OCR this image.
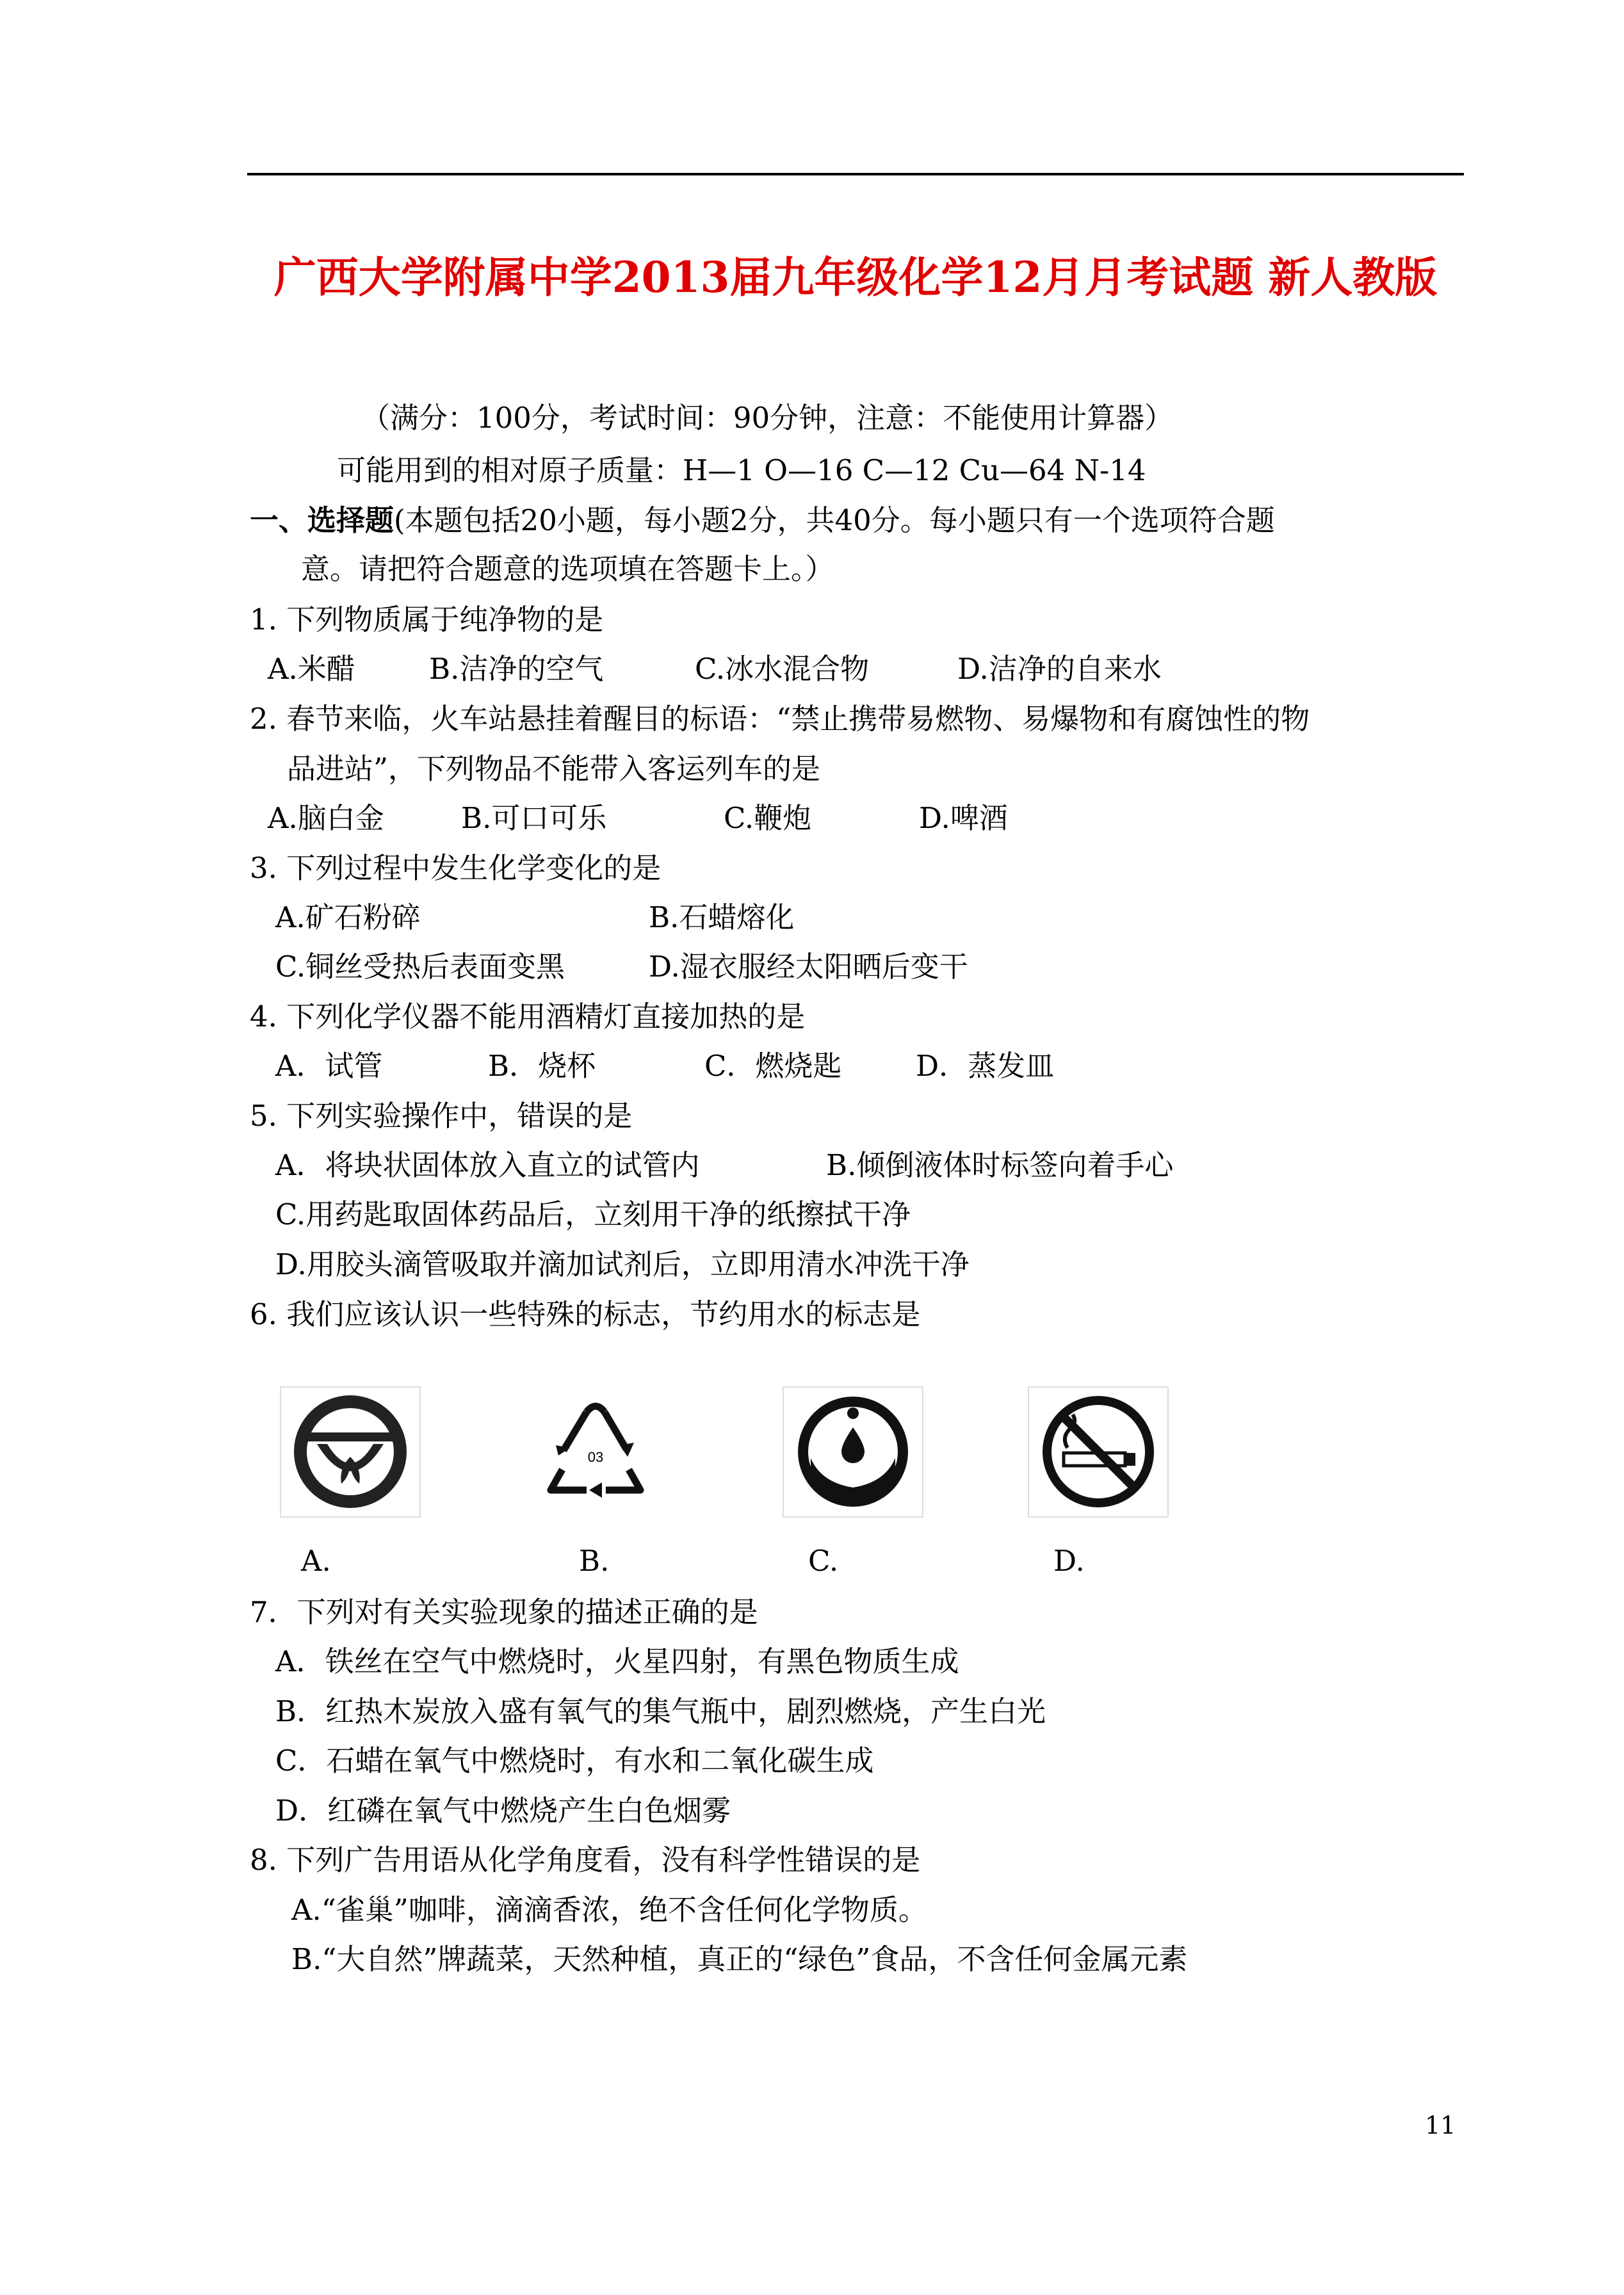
广西大学附属中学2013届九年级化学12月月考试题 新人教版
（满分：100分，考试时间：90分钟，注意：不能使用计算器）
可能用到的相对原子质量：H—1 O—16 C—12 Cu—64 N-14
一、选择题(本题包括20小题，每小题2分，共40分。每小题只有一个选项符合题
意。请把符合题意的选项填在答题卡上。）
1. 下列物质属于纯净物的是
A.米醋	B.洁净的空气	C.冰水混合物	D.洁净的自来水
2. 春节来临，火车站悬挂着醒目的标语：“禁止携带易燃物、易爆物和有腐蚀性的物
品进站”，下列物品不能带入客运列车的是
A.脑白金	B.可口可乐	C.鞭炮	D.啤酒
3. 下列过程中发生化学变化的是
A.矿石粉碎	B.石蜡熔化
C.铜丝受热后表面变黑	D.湿衣服经太阳晒后变干
4. 下列化学仪器不能用酒精灯直接加热的是
A．试管	B．烧杯	C．燃烧匙	D．蒸发皿
5. 下列实验操作中，错误的是
A．将块状固体放入直立的试管内	B.倾倒液体时标签向着手心
C.用药匙取固体药品后，立刻用干净的纸擦拭干净
D.用胶头滴管吸取并滴加试剂后，立即用清水冲洗干净
6. 我们应该认识一些特殊的标志，节约用水的标志是
03
A.	B.	C.	D.
7．下列对有关实验现象的描述正确的是
A．铁丝在空气中燃烧时，火星四射，有黑色物质生成
B．红热木炭放入盛有氧气的集气瓶中，剧烈燃烧，产生白光
C．石蜡在氧气中燃烧时，有水和二氧化碳生成
D．红磷在氧气中燃烧产生白色烟雾
8. 下列广告用语从化学角度看，没有科学性错误的是
A.“雀巢”咖啡，滴滴香浓，绝不含任何化学物质。
B.“大自然”牌蔬菜，天然种植，真正的“绿色”食品，不含任何金属元素
11
